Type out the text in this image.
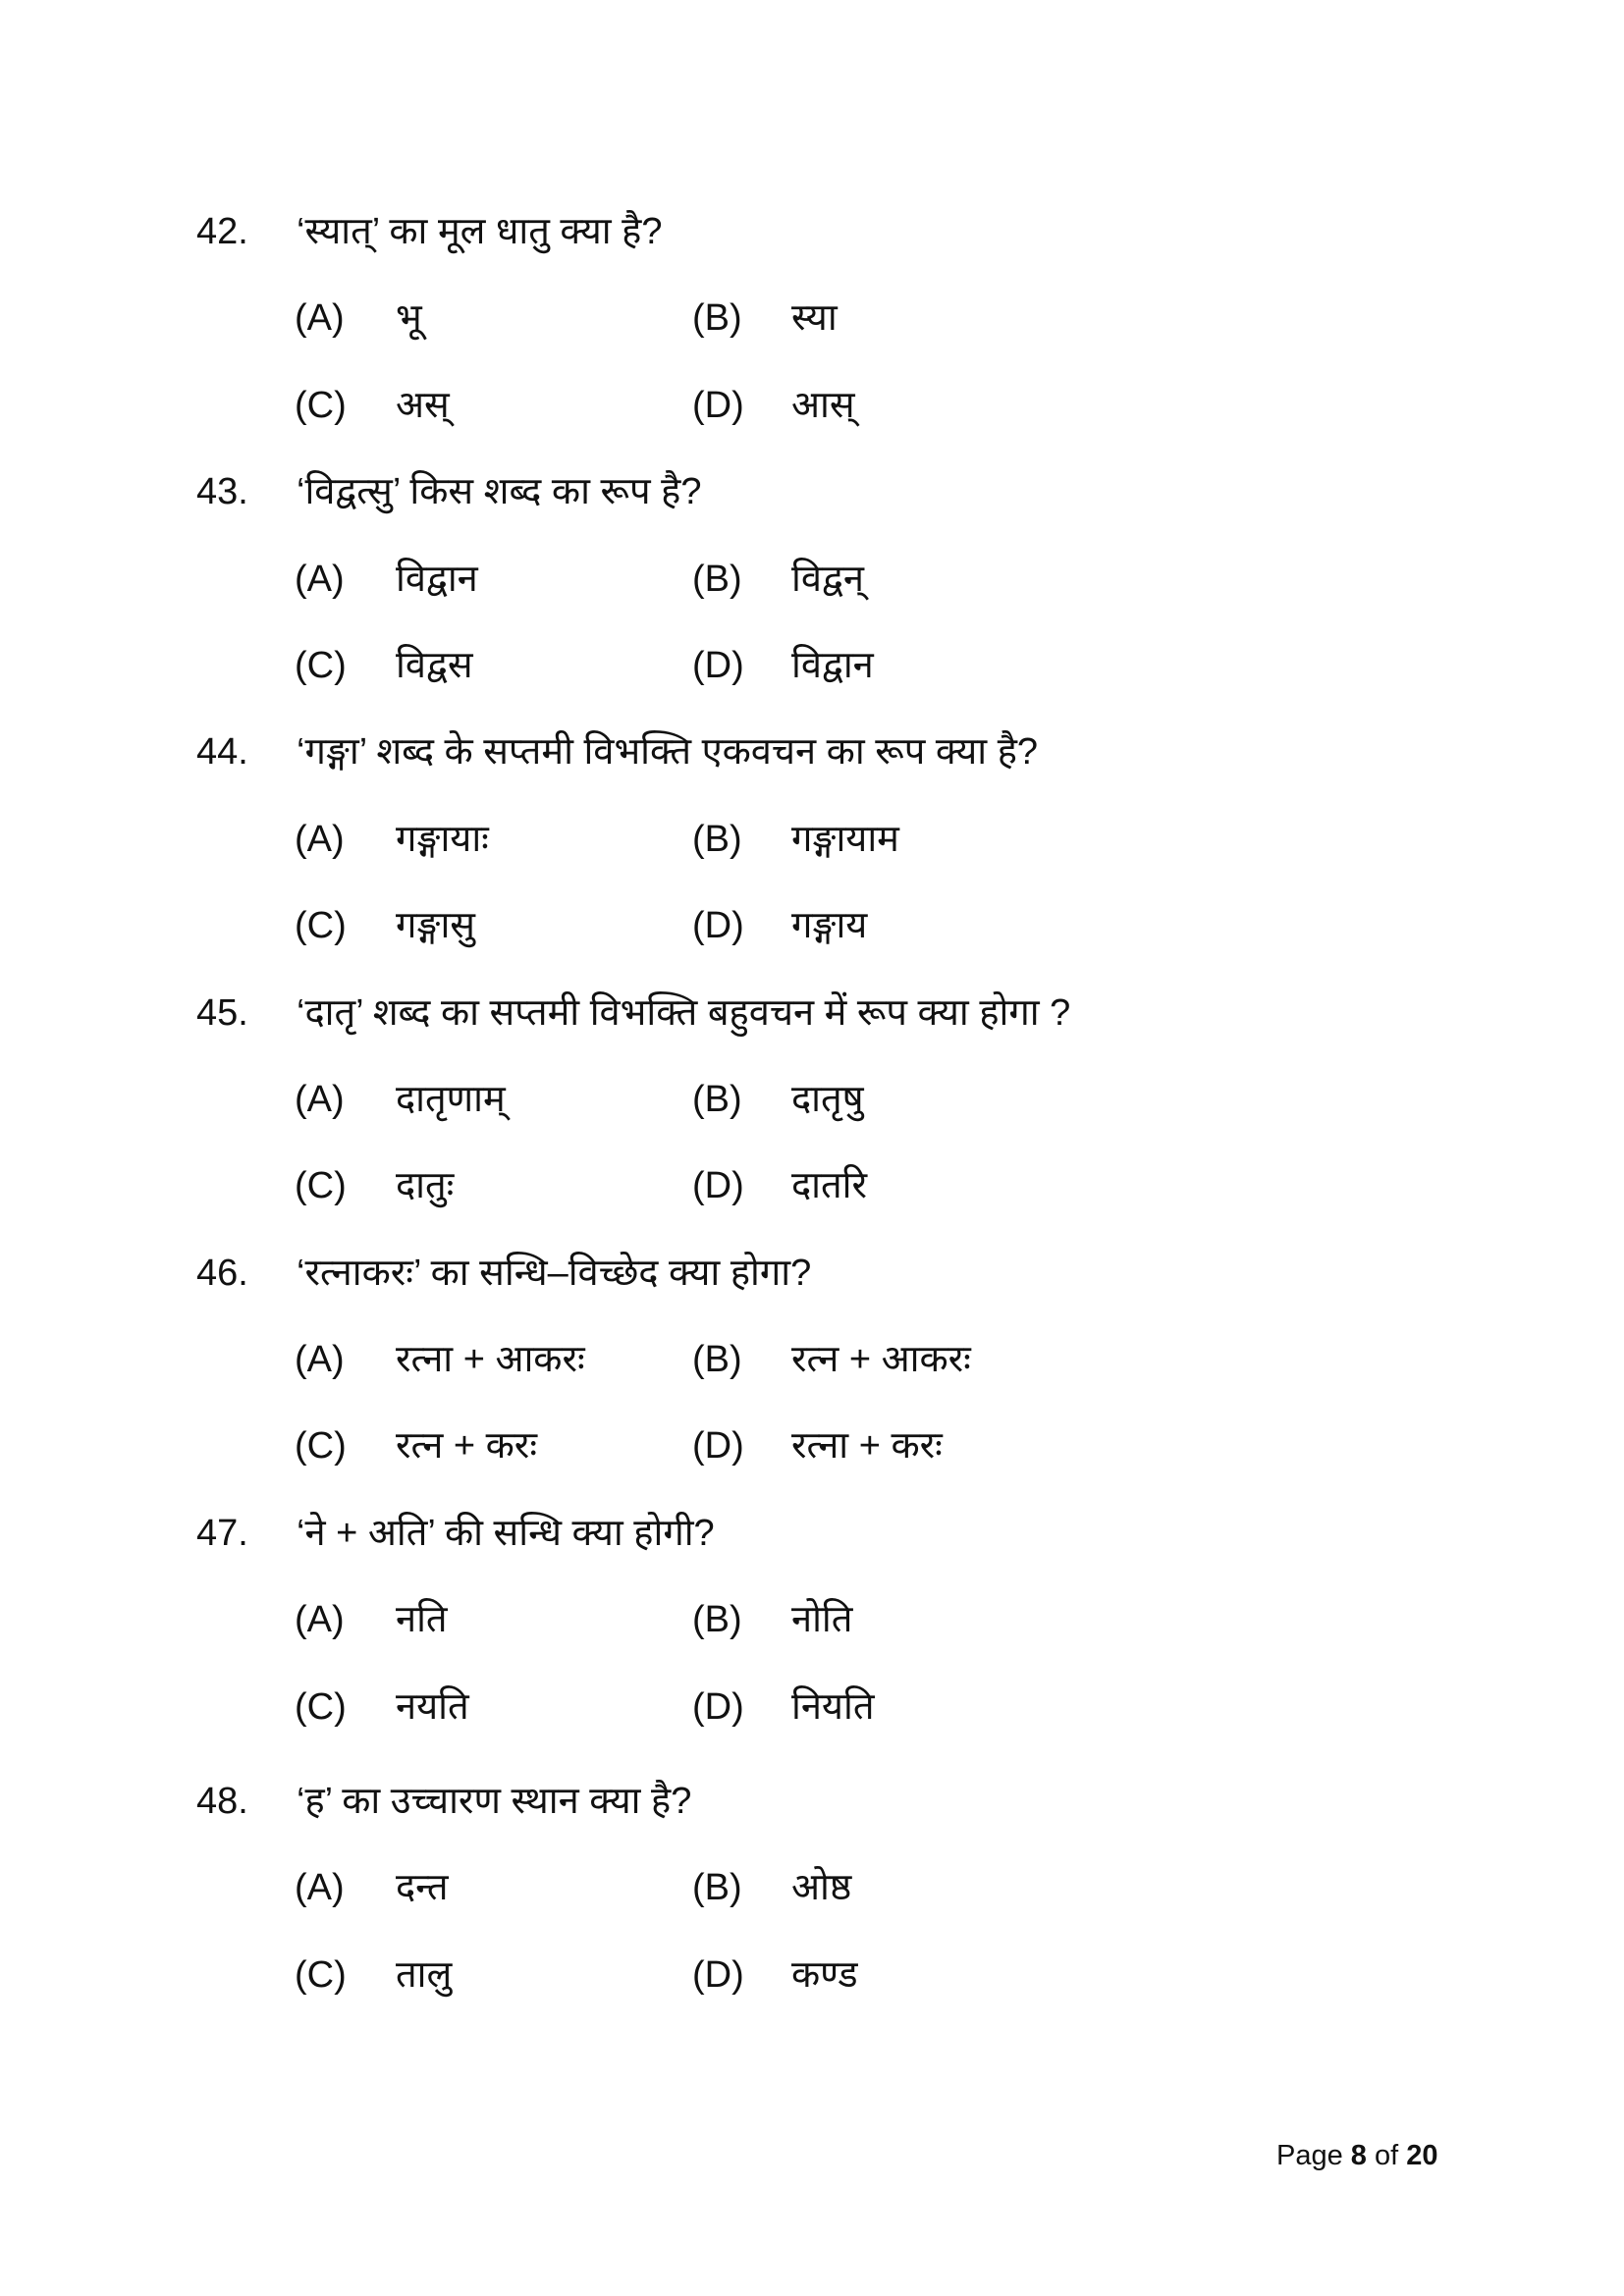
42. ‘स्यात्’ का मूल धातु क्या है?
(A) भू	(B) स्या
(C) अस्	(D) आस्
43. ‘विद्वत्सु’ किस शब्द का रूप है?
(A) विद्वान	(B) विद्वन्
(C) विद्वस	(D) विद्वान
44. ‘गङ्गा’ शब्द के सप्तमी विभक्ति एकवचन का रूप क्या है?
(A) गङ्गायाः	(B) गङ्गायाम
(C) गङ्गासु	(D) गङ्गाय
45. ‘दातृ’ शब्द का सप्तमी विभक्ति बहुवचन में रूप क्या होगा ?
(A) दातृणाम्	(B) दातृषु
(C) दातुः	(D) दातरि
46. ‘रत्नाकरः’ का सन्धि–विच्छेद क्या होगा?
(A) रत्ना + आकरः	(B) रत्न + आकरः
(C) रत्न + करः	(D) रत्ना + करः
47. ‘ने + अति’ की सन्धि क्या होगी?
(A) नति	(B) नोति
(C) नयति	(D) नियति
48. ‘ह’ का उच्चारण स्थान क्या है?
(A) दन्त	(B) ओष्ठ
(C) तालु	(D) कण्ड
Page 8 of 20
